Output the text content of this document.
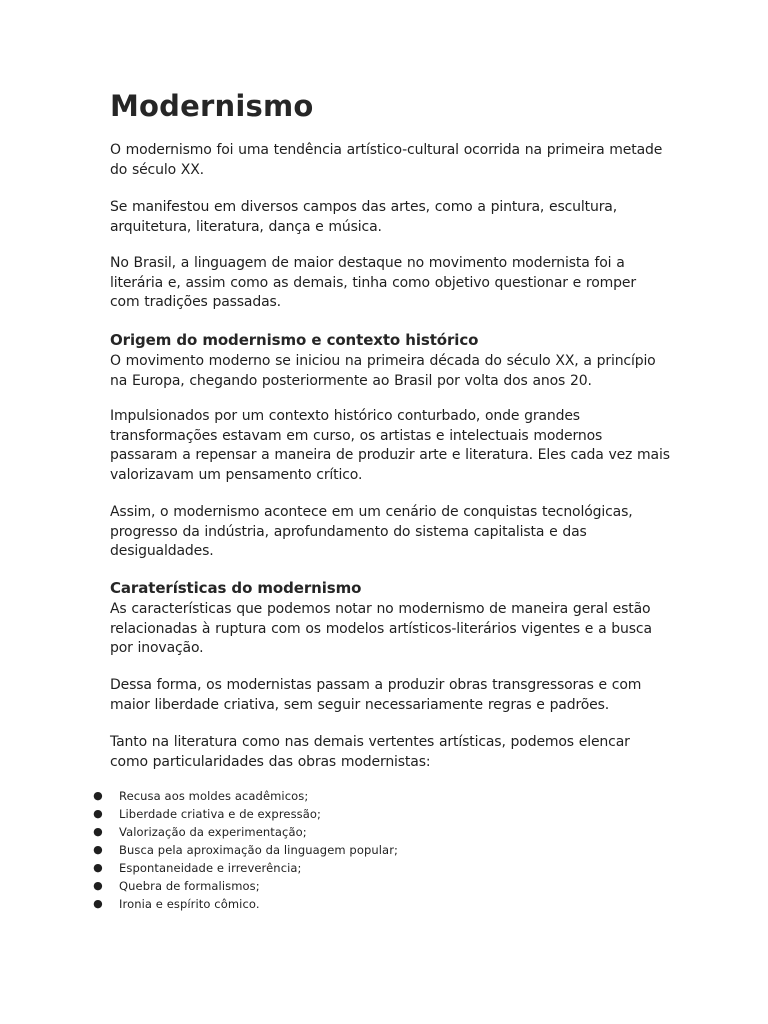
Modernismo

O modernismo foi uma tendência artístico-cultural ocorrida na primeira metade do século XX.

Se manifestou em diversos campos das artes, como a pintura, escultura, arquitetura, literatura, dança e música.

No Brasil, a linguagem de maior destaque no movimento modernista foi a literária e, assim como as demais, tinha como objetivo questionar e romper com tradições passadas.

Origem do modernismo e contexto histórico

O movimento moderno se iniciou na primeira década do século XX, a princípio na Europa, chegando posteriormente ao Brasil por volta dos anos 20.

Impulsionados por um contexto histórico conturbado, onde grandes transformações estavam em curso, os artistas e intelectuais modernos passaram a repensar a maneira de produzir arte e literatura. Eles cada vez mais valorizavam um pensamento crítico.

Assim, o modernismo acontece em um cenário de conquistas tecnológicas, progresso da indústria, aprofundamento do sistema capitalista e das desigualdades.

Caraterísticas do modernismo

As características que podemos notar no modernismo de maneira geral estão relacionadas à ruptura com os modelos artísticos-literários vigentes e a busca por inovação.

Dessa forma, os modernistas passam a produzir obras transgressoras e com maior liberdade criativa, sem seguir necessariamente regras e padrões.

Tanto na literatura como nas demais vertentes artísticas, podemos elencar como particularidades das obras modernistas:

● Recusa aos moldes acadêmicos;
● Liberdade criativa e de expressão;
● Valorização da experimentação;
● Busca pela aproximação da linguagem popular;
● Espontaneidade e irreverência;
● Quebra de formalismos;
● Ironia e espírito cômico.
